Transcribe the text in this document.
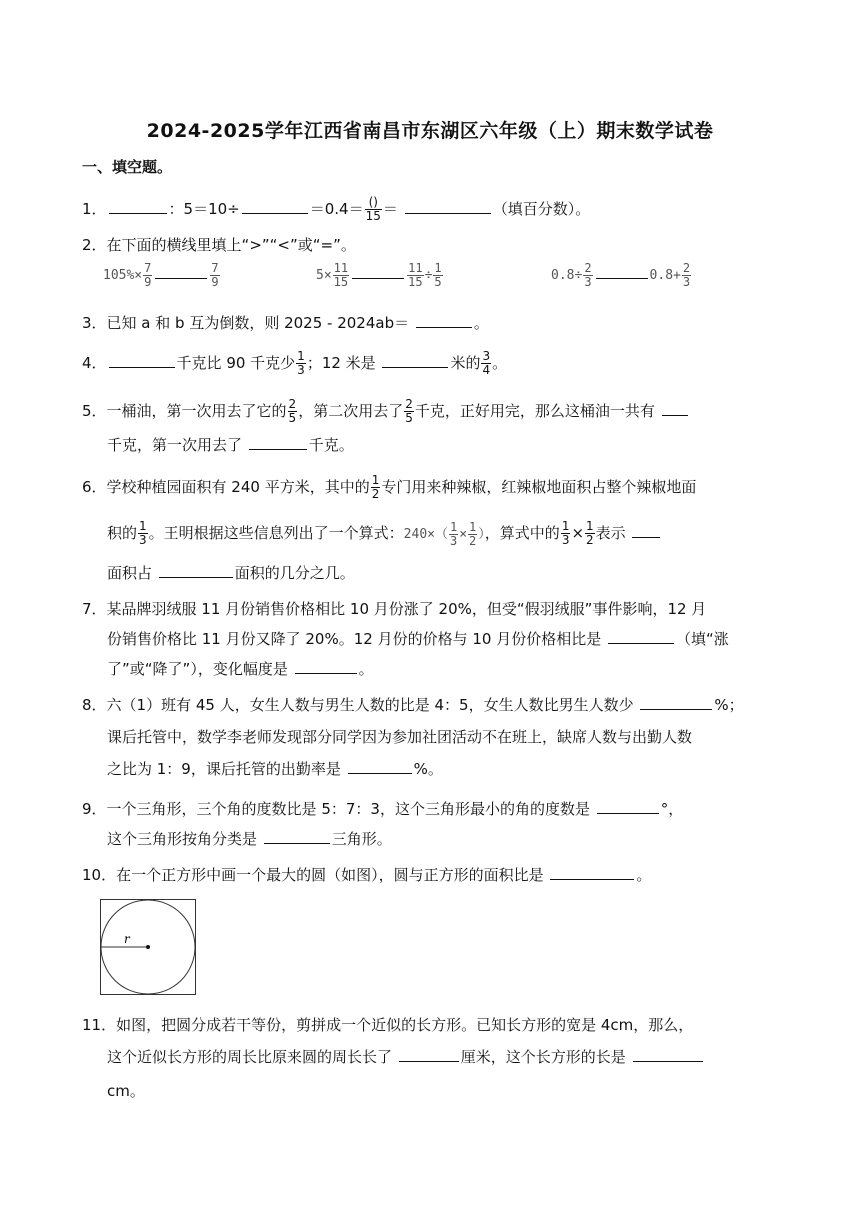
2024-2025学年江西省南昌市东湖区六年级（上）期末数学试卷
一、填空题。
1．	：5＝10÷	$=0.4= \frac{()}{15}$ ＝	（填百分数）。
2．在下面的横线里填上“>”“<”或“=”。
$105\%\times \frac{7}{9}$	$\frac{7}{9}$	$5\times \frac{11}{15}$	$\frac{11}{15} \div \frac{1}{5}$	$0.8\div \frac{2}{3}$	$0.8+ \frac{2}{3}$
3．已知 a 和 b 互为倒数，则 2025 - 2024ab＝	。
4．	千克比 90 千克少 $\frac{1}{3}$ ；12 米是	米的 $\frac{3}{4}$ 。
5．一桶油，第一次用去了它的 $\frac{2}{5}$ ，第二次用去了 $\frac{2}{5}$ 千克，正好用完，那么这桶油一共有
千克，第一次用去了	千克。
6．学校种植园面积有 240 平方米，其中的 $\frac{1}{2}$ 专门用来种辣椒，红辣椒地面积占整个辣椒地面
积的 $\frac{1}{3}$ 。王明根据这些信息列出了一个算式：$240\times( \frac{1}{3} \times \frac{1}{2}$ ），算式中的 $\frac{1}{3} \times \frac{1}{2}$ 表示
面积占	面积的几分之几。
7．某品牌羽绒服 11 月份销售价格相比 10 月份涨了 20%，但受“假羽绒服”事件影响，12 月
份销售价格比 11 月份又降了 20%。12 月份的价格与 10 月份价格相比是	（填“涨
了”或“降了”），变化幅度是	。
8．六（1）班有 45 人，女生人数与男生人数的比是 4：5，女生人数比男生人数少	%；
课后托管中，数学李老师发现部分同学因为参加社团活动不在班上，缺席人数与出勤人数
之比为 1：9，课后托管的出勤率是	%。
9．一个三角形，三个角的度数比是 5：7：3，这个三角形最小的角的度数是	°，
这个三角形按角分类是	三角形。
10．在一个正方形中画一个最大的圆（如图），圆与正方形的面积比是	。
r
11．如图，把圆分成若干等份，剪拼成一个近似的长方形。已知长方形的宽是 4cm，那么，
这个近似长方形的周长比原来圆的周长长了	厘米，这个长方形的长是
cm。
